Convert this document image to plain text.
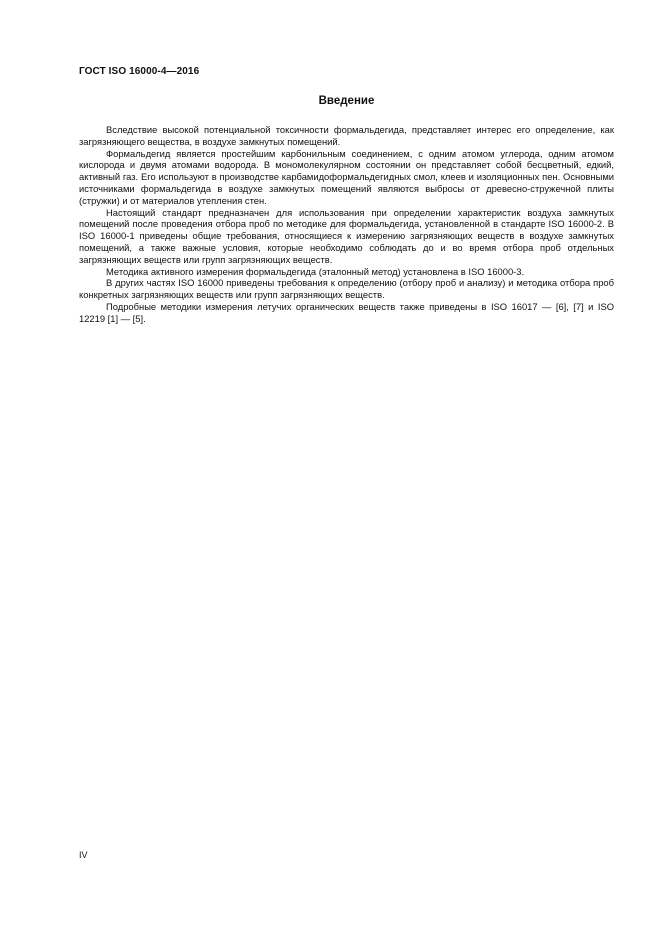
ГОСТ ISO 16000-4—2016
Введение

Вследствие высокой потенциальной токсичности формальдегида, представляет интерес его определение, как загрязняющего вещества, в воздухе замкнутых помещений.

Формальдегид является простейшим карбонильным соединением, с одним атомом углерода, одним атомом кислорода и двумя атомами водорода. В мономолекулярном состоянии он представляет собой бесцветный, едкий, активный газ. Его используют в производстве карбамидоформальдегидных смол, клеев и изоляционных пен. Основными источниками формальдегида в воздухе замкнутых помещений являются выбросы от древесно-стружечной плиты (стружки) и от материалов утепления стен.

Настоящий стандарт предназначен для использования при определении характеристик воздуха замкнутых помещений после проведения отбора проб по методике для формальдегида, установленной в стандарте ISO 16000-2. В ISO 16000-1 приведены общие требования, относящиеся к измерению загрязняющих веществ в воздухе замкнутых помещений, а также важные условия, которые необходимо соблюдать до и во время отбора проб отдельных загрязняющих веществ или групп загрязняющих веществ.

Методика активного измерения формальдегида (эталонный метод) установлена в ISO 16000-3.

В других частях ISO 16000 приведены требования к определению (отбору проб и анализу) и методика отбора проб конкретных загрязняющих веществ или групп загрязняющих веществ.

Подробные методики измерения летучих органических веществ также приведены в ISO 16017 — [6], [7] и ISO 12219 [1] — [5].

IV
